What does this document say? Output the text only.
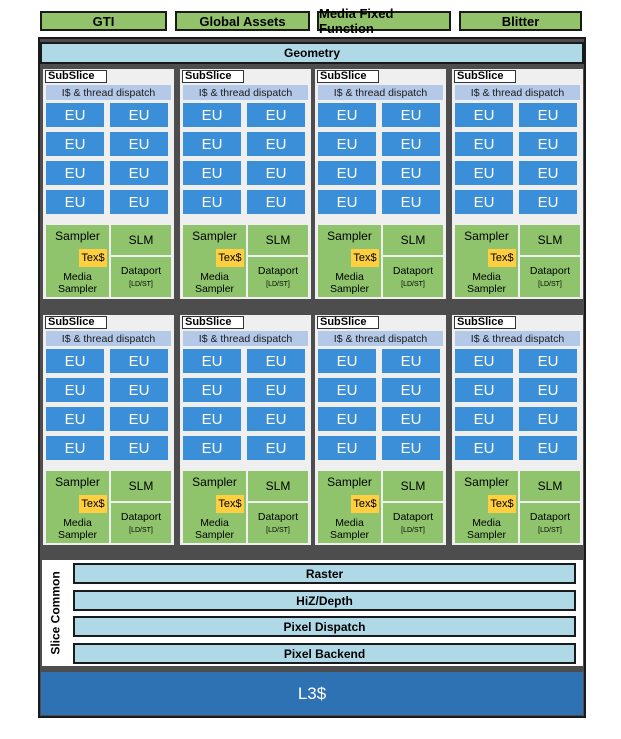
GTI	Global Assets	Media Fixed Function	Blitter
Geometry
SubSlice
I$ & thread dispatch
EU	EU
EU	EU
EU	EU
EU	EU
Sampler
Tex$
Media
Sampler
SLM
Dataport
[LD/ST]
SubSlice
I$ & thread dispatch
EU	EU
EU	EU
EU	EU
EU	EU
Sampler
Tex$
Media
Sampler
SLM
Dataport
[LD/ST]
SubSlice
I$ & thread dispatch
EU	EU
EU	EU
EU	EU
EU	EU
Sampler
Tex$
Media
Sampler
SLM
Dataport
[LD/ST]
SubSlice
I$ & thread dispatch
EU	EU
EU	EU
EU	EU
EU	EU
Sampler
Tex$
Media
Sampler
SLM
Dataport
[LD/ST]
SubSlice
I$ & thread dispatch
EU	EU
EU	EU
EU	EU
EU	EU
Sampler
Tex$
Media
Sampler
SLM
Dataport
[LD/ST]
SubSlice
I$ & thread dispatch
EU	EU
EU	EU
EU	EU
EU	EU
Sampler
Tex$
Media
Sampler
SLM
Dataport
[LD/ST]
SubSlice
I$ & thread dispatch
EU	EU
EU	EU
EU	EU
EU	EU
Sampler
Tex$
Media
Sampler
SLM
Dataport
[LD/ST]
SubSlice
I$ & thread dispatch
EU	EU
EU	EU
EU	EU
EU	EU
Sampler
Tex$
Media
Sampler
SLM
Dataport
[LD/ST]
Slice Common	Raster
HiZ/Depth
Pixel Dispatch
Pixel Backend
L3$
